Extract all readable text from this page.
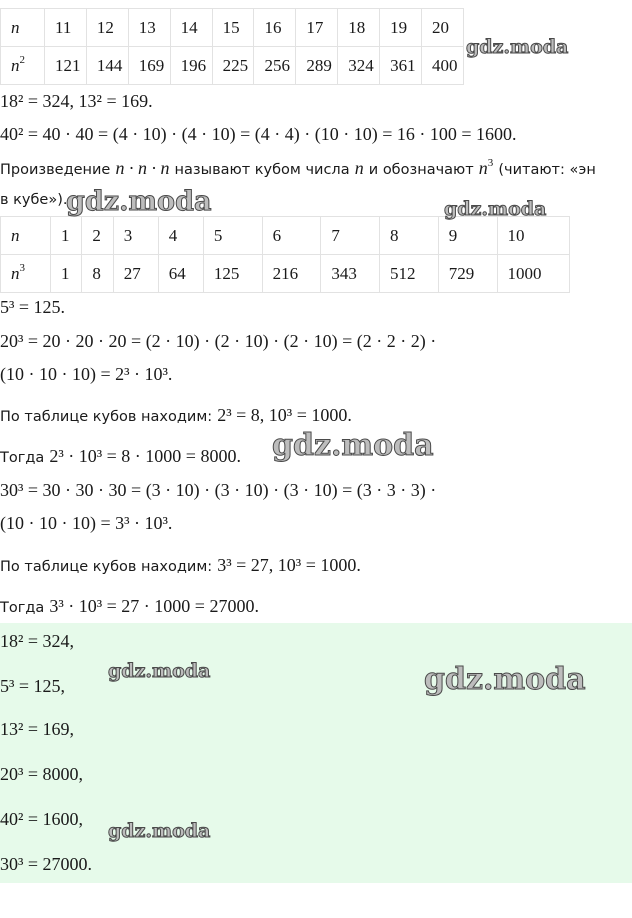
n	11	12	13	14	15	16	17	18	19	20
$n^2$	121	144	169	196	225	256	289	324	361	400
18² = 324, 13² = 169.
40² = 40 · 40 = (4 · 10) · (4 · 10) = (4 · 4) · (10 · 10) = 16 · 100 = 1600.
Произведение n · n · n называют кубом числа n и обозначают $n^3$ (читают: «эн
в кубе»).
n	1	2	3	4	5	6	7	8	9	10
$n^3$	1	8	27	64	125	216	343	512	729	1000
5³ = 125.
20³ = 20 · 20 · 20 = (2 · 10) · (2 · 10) · (2 · 10) = (2 · 2 · 2) ·
(10 · 10 · 10) = 2³ · 10³.
По таблице кубов находим: 2³ = 8, 10³ = 1000.
Тогда 2³ · 10³ = 8 · 1000 = 8000.
30³ = 30 · 30 · 30 = (3 · 10) · (3 · 10) · (3 · 10) = (3 · 3 · 3) ·
(10 · 10 · 10) = 3³ · 10³.
По таблице кубов находим: 3³ = 27, 10³ = 1000.
Тогда 3³ · 10³ = 27 · 1000 = 27000.
18² = 324,
5³ = 125,
13² = 169,
20³ = 8000,
40² = 1600,
30³ = 27000.
gdz.moda
gdz.moda	gdz.moda
gdz.moda
gdz.moda	gdz.moda
gdz.moda
